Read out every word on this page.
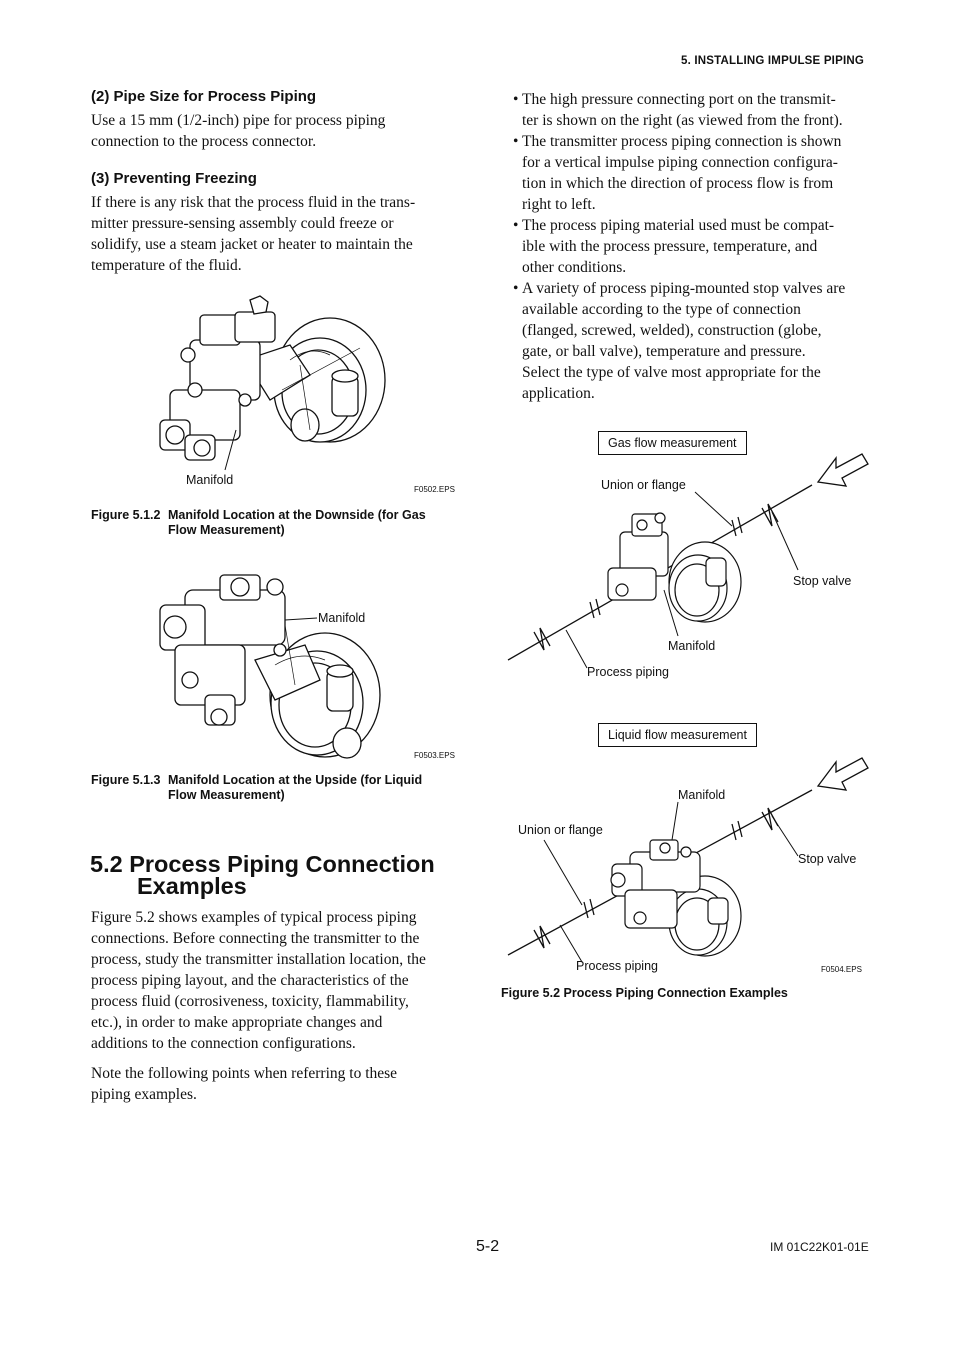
5. INSTALLING IMPULSE PIPING
(2) Pipe Size for Process Piping
Use a 15 mm (1/2-inch) pipe for process piping
connection to the process connector.
(3) Preventing Freezing
If there is any risk that the process fluid in the trans-
mitter pressure-sensing assembly could freeze or
solidify, use a steam jacket or heater to maintain the
temperature of the fluid.
Manifold
F0502.EPS
Figure 5.1.2 Manifold Location at the Downside (for Gas
Flow Measurement)
Manifold
F0503.EPS
Figure 5.1.3 Manifold Location at the Upside (for Liquid
Flow Measurement)
5.2 Process Piping Connection
Examples
Figure 5.2 shows examples of typical process piping
connections. Before connecting the transmitter to the
process, study the transmitter installation location, the
process piping layout, and the characteristics of the
process fluid (corrosiveness, toxicity, flammability,
etc.), in order to make appropriate changes and
additions to the connection configurations.
Note the following points when referring to these
piping examples.
• The high pressure connecting port on the transmit-
ter is shown on the right (as viewed from the front).
• The transmitter process piping connection is shown
for a vertical impulse piping connection configura-
tion in which the direction of process flow is from
right to left.
• The process piping material used must be compat-
ible with the process pressure, temperature, and
other conditions.
• A variety of process piping-mounted stop valves are
available according to the type of connection
(flanged, screwed, welded), construction (globe,
gate, or ball valve), temperature and pressure.
Select the type of valve most appropriate for the
application.
Gas flow measurement
Union or flange
Stop valve
Manifold
Process piping
Liquid flow measurement
Manifold
Union or flange
Stop valve
Process piping	F0504.EPS
Figure 5.2 Process Piping Connection Examples
5-2	IM 01C22K01-01E
